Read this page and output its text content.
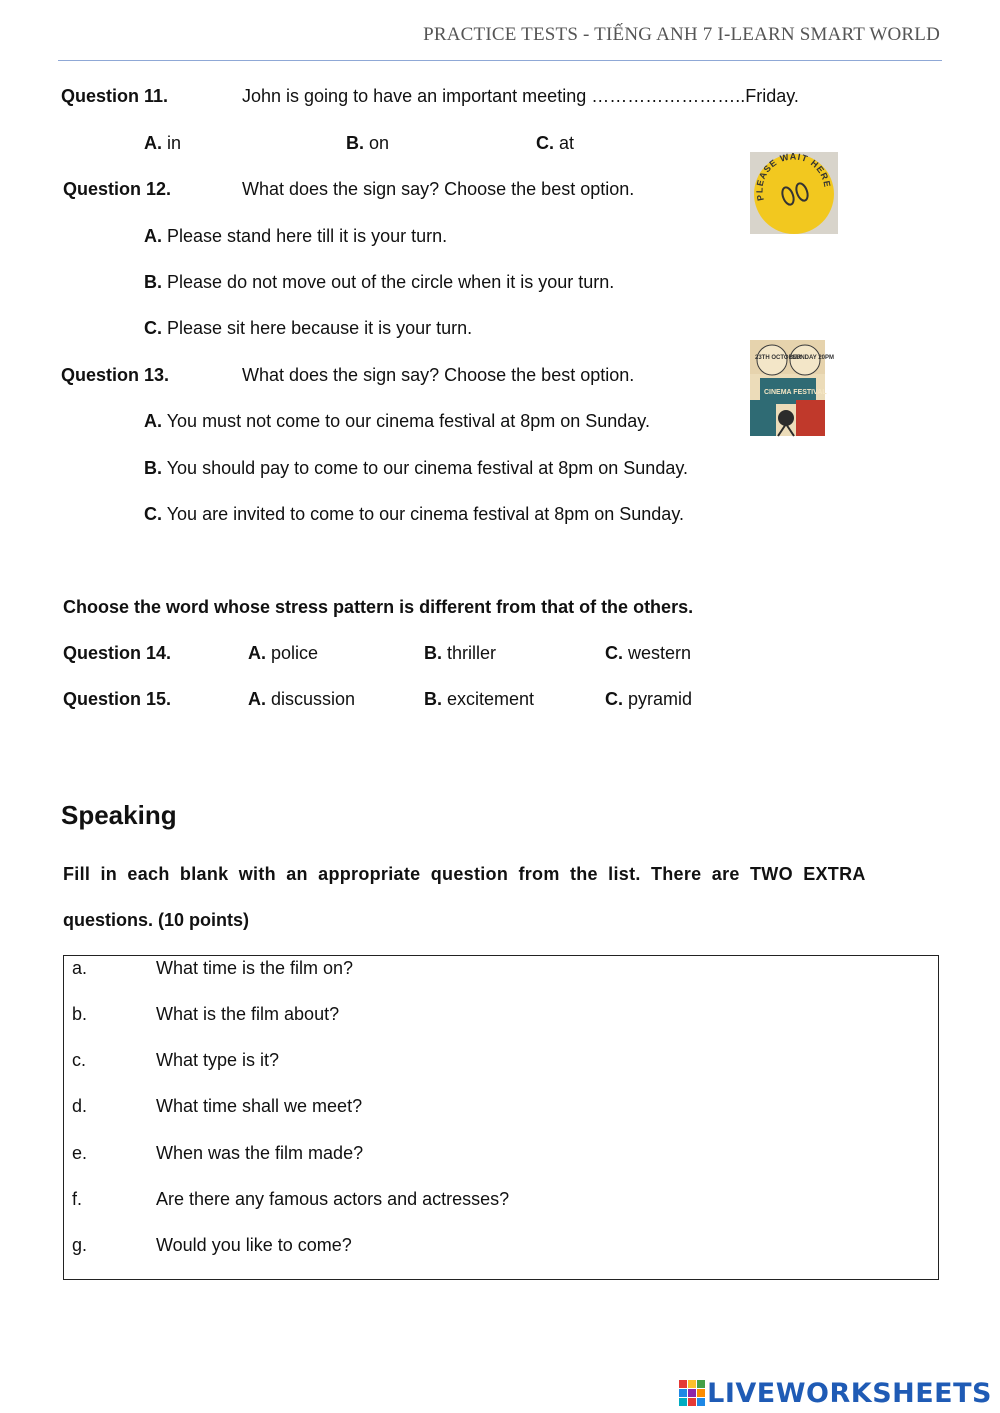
PRACTICE TESTS - TIẾNG ANH 7 I-LEARN SMART WORLD
Question 11.	John is going to have an important meeting ……………………..Friday.
A. in	B. on	C. at
Question 12.	What does the sign say? Choose the best option.	PLEASE WAIT HERE
A. Please stand here till it is your turn.
B. Please do not move out of the circle when it is your turn.
C. Please sit here because it is your turn.
Question 13.	What does the sign say? Choose the best option.
23TH OCTOBER
SUNDAY 20PM
CINEMA FESTIVAL
A. You must not come to our cinema festival at 8pm on Sunday.
B. You should pay to come to our cinema festival at 8pm on Sunday.
C. You are invited to come to our cinema festival at 8pm on Sunday.
Choose the word whose stress pattern is different from that of the others.
Question 14.	A. police	B. thriller	C. western
Question 15.	A. discussion	B. excitement	C. pyramid
Speaking
Fill in each blank with an appropriate question from the list. There are TWO EXTRA
questions. (10 points)
a.	What time is the film on?
b.	What is the film about?
c.	What type is it?
d.	What time shall we meet?
e.	When was the film made?
f.	Are there any famous actors and actresses?
g.	Would you like to come?
LIVEWORKSHEETS
